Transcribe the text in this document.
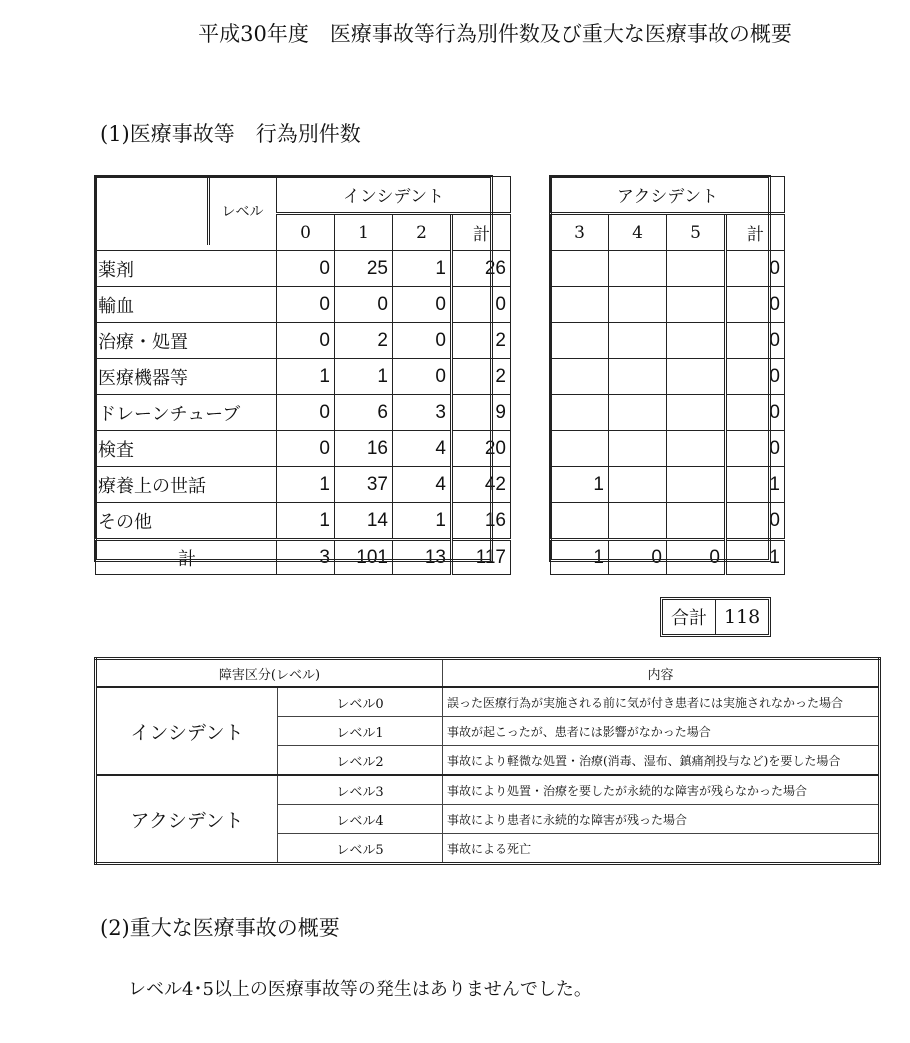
平成30年度　医療事故等行為別件数及び重大な医療事故の概要
(1)医療事故等　行為別件数
レベル	インシデント			
	0	1	2	計
薬剤	0	25	1	26
輸血	0	0	0	0
治療・処置	0	2	0	2
医療機器等	1	1	0	2
ドレーンチューブ	0	6	3	9
検査	0	16	4	20
療養上の世話	1	37	4	42
その他	1	14	1	16
計	3	101	13	117
アクシデント			
3	4	5	計
			0
			0
			0
			0
			0
			0
1			1
			0
1	0	0	1
合計 118
障害区分(レベル)		内容
インシデント	レベル0	誤った医療行為が実施される前に気が付き患者には実施されなかった場合
	レベル1	事故が起こったが、患者には影響がなかった場合
	レベル2	事故により軽微な処置・治療(消毒、湿布、鎮痛剤投与など)を要した場合
アクシデント	レベル3	事故により処置・治療を要したが永続的な障害が残らなかった場合
	レベル4	事故により患者に永続的な障害が残った場合
	レベル5	事故による死亡
(2)重大な医療事故の概要
レベル4･5以上の医療事故等の発生はありませんでした。
